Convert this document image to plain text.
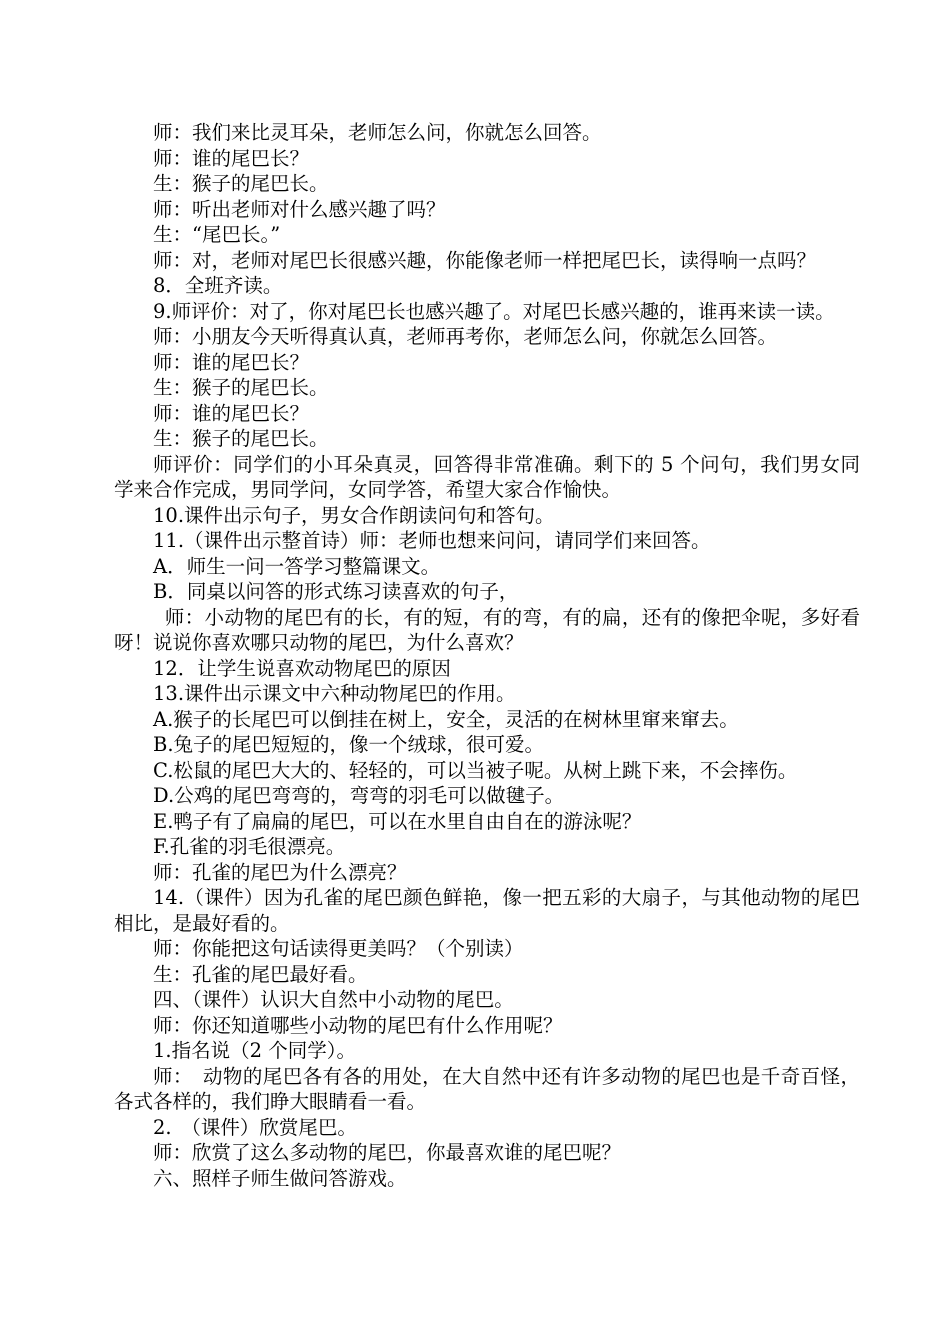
师：我们来比灵耳朵，老师怎么问，你就怎么回答。

师：谁的尾巴长？

生：猴子的尾巴长。

师：听出老师对什么感兴趣了吗？

生：“尾巴长。”

师：对，老师对尾巴长很感兴趣，你能像老师一样把尾巴长，读得响一点吗？

8．全班齐读。

9.师评价：对了，你对尾巴长也感兴趣了。对尾巴长感兴趣的，谁再来读一读。

师：小朋友今天听得真认真，老师再考你，老师怎么问，你就怎么回答。

师：谁的尾巴长？

生：猴子的尾巴长。

师：谁的尾巴长？

生：猴子的尾巴长。

师评价：同学们的小耳朵真灵，回答得非常准确。剩下的 5 个问句，我们男女同学来合作完成，男同学问，女同学答，希望大家合作愉快。

10.课件出示句子，男女合作朗读问句和答句。

11.（课件出示整首诗）师：老师也想来问问，请同学们来回答。

A．师生一问一答学习整篇课文。

B．同桌以问答的形式练习读喜欢的句子，

师：小动物的尾巴有的长，有的短，有的弯，有的扁，还有的像把伞呢，多好看呀！说说你喜欢哪只动物的尾巴，为什么喜欢？

12．让学生说喜欢动物尾巴的原因

13.课件出示课文中六种动物尾巴的作用。

A.猴子的长尾巴可以倒挂在树上，安全，灵活的在树林里窜来窜去。

B.兔子的尾巴短短的，像一个绒球，很可爱。

C.松鼠的尾巴大大的、轻轻的，可以当被子呢。从树上跳下来，不会摔伤。

D.公鸡的尾巴弯弯的，弯弯的羽毛可以做毽子。

E.鸭子有了扁扁的尾巴，可以在水里自由自在的游泳呢？

F.孔雀的羽毛很漂亮。

师：孔雀的尾巴为什么漂亮？

14.（课件）因为孔雀的尾巴颜色鲜艳，像一把五彩的大扇子，与其他动物的尾巴相比，是最好看的。

师：你能把这句话读得更美吗？（个别读）

生：孔雀的尾巴最好看。

四、（课件）认识大自然中小动物的尾巴。

师：你还知道哪些小动物的尾巴有什么作用呢？

1.指名说（2 个同学）。

师：　动物的尾巴各有各的用处，在大自然中还有许多动物的尾巴也是千奇百怪，各式各样的，我们睁大眼睛看一看。

2.　（课件）欣赏尾巴。

师：欣赏了这么多动物的尾巴，你最喜欢谁的尾巴呢？

六、照样子师生做问答游戏。
